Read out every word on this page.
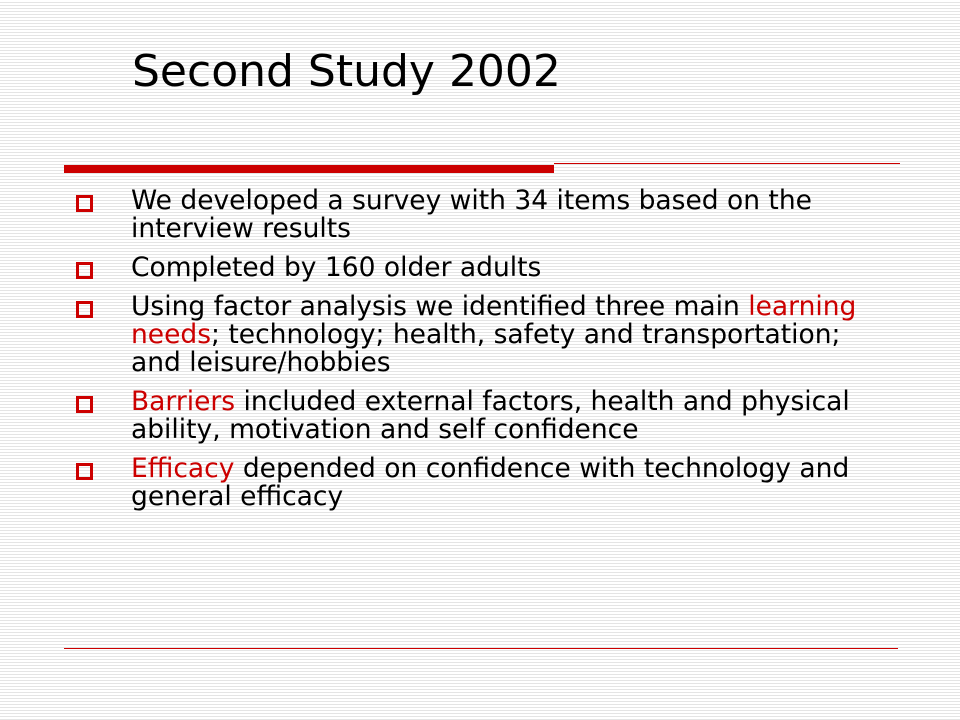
Second Study 2002
We developed a survey with 34 items based on the interview results
Completed by 160 older adults
Using factor analysis we identified three main learning needs; technology; health, safety and transportation; and leisure/hobbies
Barriers included external factors, health and physical ability, motivation and self confidence
Efficacy depended on confidence with technology and general efficacy
